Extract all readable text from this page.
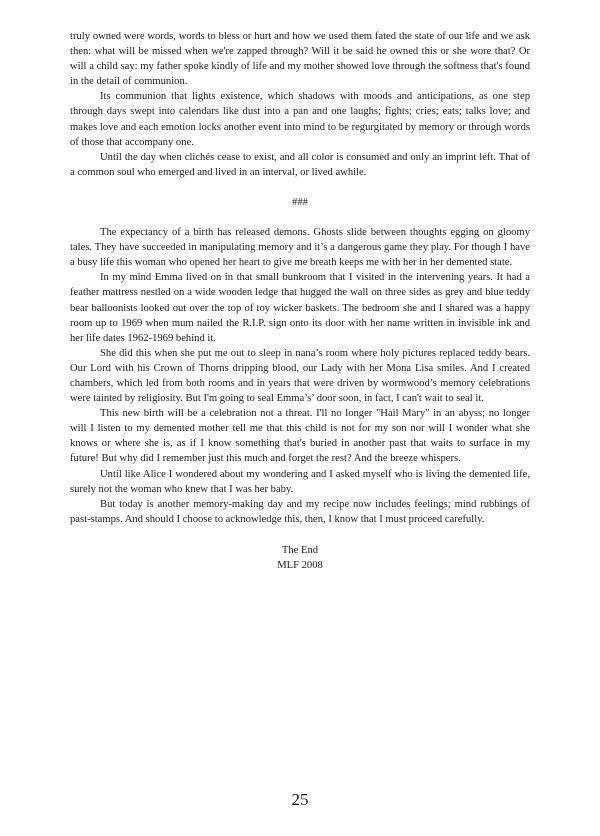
truly owned were words, words to bless or hurt and how we used them fated the state of our life and we ask then: what will be missed when we're zapped through? Will it be said he owned this or she wore that? Or will a child say: my father spoke kindly of life and my mother showed love through the softness that's found in the detail of communion.

Its communion that lights existence, which shadows with moods and anticipations, as one step through days swept into calendars like dust into a pan and one laughs; fights; cries; eats; talks love; and makes love and each emotion locks another event into mind to be regurgitated by memory or through words of those that accompany one.

Until the day when clichés cease to exist, and all color is consumed and only an imprint left. That of a common soul who emerged and lived in an interval, or lived awhile.

###

The expectancy of a birth has released demons. Ghosts slide between thoughts egging on gloomy tales. They have succeeded in manipulating memory and it’s a dangerous game they play. For though I have a busy life this woman who opened her heart to give me breath keeps me with her in her demented state.

In my mind Emma lived on in that small bunkroom that I visited in the intervening years. It had a feather mattress nestled on a wide wooden ledge that hugged the wall on three sides as grey and blue teddy bear balloonists looked out over the top of toy wicker baskets. The bedroom she and I shared was a happy room up to 1969 when mum nailed the R.I.P. sign onto its door with her name written in invisible ink and her life dates 1962-1969 behind it.

She did this when she put me out to sleep in nana’s room where holy pictures replaced teddy bears. Our Lord with his Crown of Thorns dripping blood, our Lady with her Mona Lisa smiles. And I created chambers, which led from both rooms and in years that were driven by wormwood’s memory celebrations were tainted by religiosity. But I'm going to seal Emma’s’ door soon, in fact, I can't wait to seal it.

This new birth will be a celebration not a threat. I'll no longer "Hail Mary" in an abyss; no longer will I listen to my demented mother tell me that this child is not for my son nor will I wonder what she knows or where she is, as if I know something that's buried in another past that waits to surface in my future! But why did I remember just this much and forget the rest? And the breeze whispers.

Until like Alice I wondered about my wondering and I asked myself who is living the demented life, surely not the woman who knew that I was her baby.

But today is another memory-making day and my recipe now includes feelings; mind rubbings of past-stamps. And should I choose to acknowledge this, then, I know that I must proceed carefully.

The End
MLF 2008
25
